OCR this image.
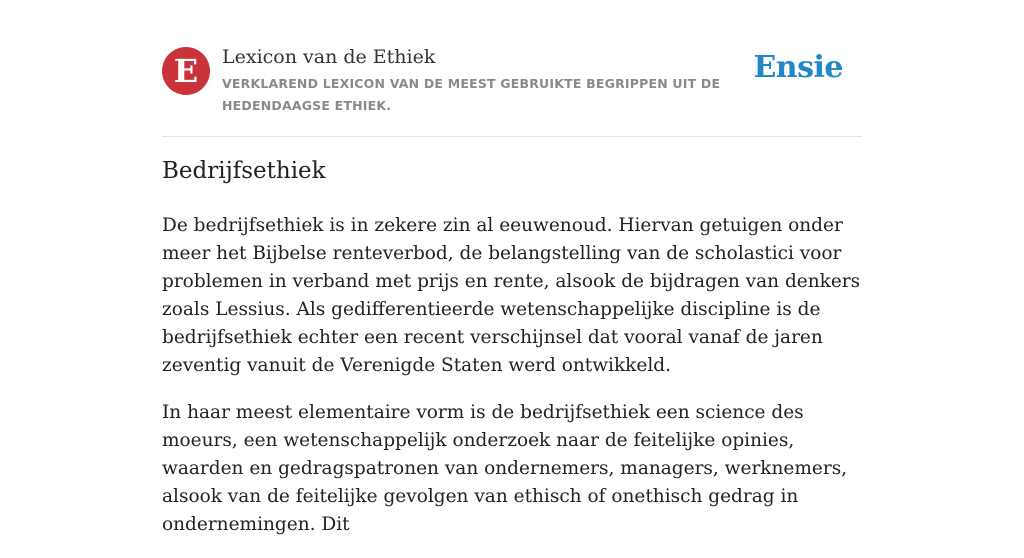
E	Lexicon van de Ethiek
VERKLAREND LEXICON VAN DE MEEST GEBRUIKTE BEGRIPPEN UIT DE HEDENDAAGSE ETHIEK.
Ensie
Bedrijfsethiek

De bedrijfsethiek is in zekere zin al eeuwenoud. Hiervan getuigen onder meer het Bijbelse renteverbod, de belangstelling van de scholastici voor problemen in verband met prijs en rente, alsook de bijdragen van denkers zoals Lessius. Als gedifferentieerde wetenschappelijke discipline is de bedrijfsethiek echter een recent verschijnsel dat vooral vanaf de jaren zeventig vanuit de Verenigde Staten werd ontwikkeld.

In haar meest elementaire vorm is de bedrijfsethiek een science des moeurs, een wetenschappelijk onderzoek naar de feitelijke opinies, waarden en gedragspatronen van ondernemers, managers, werknemers, alsook van de feitelijke gevolgen van ethisch of onethisch gedrag in ondernemingen. Dit
